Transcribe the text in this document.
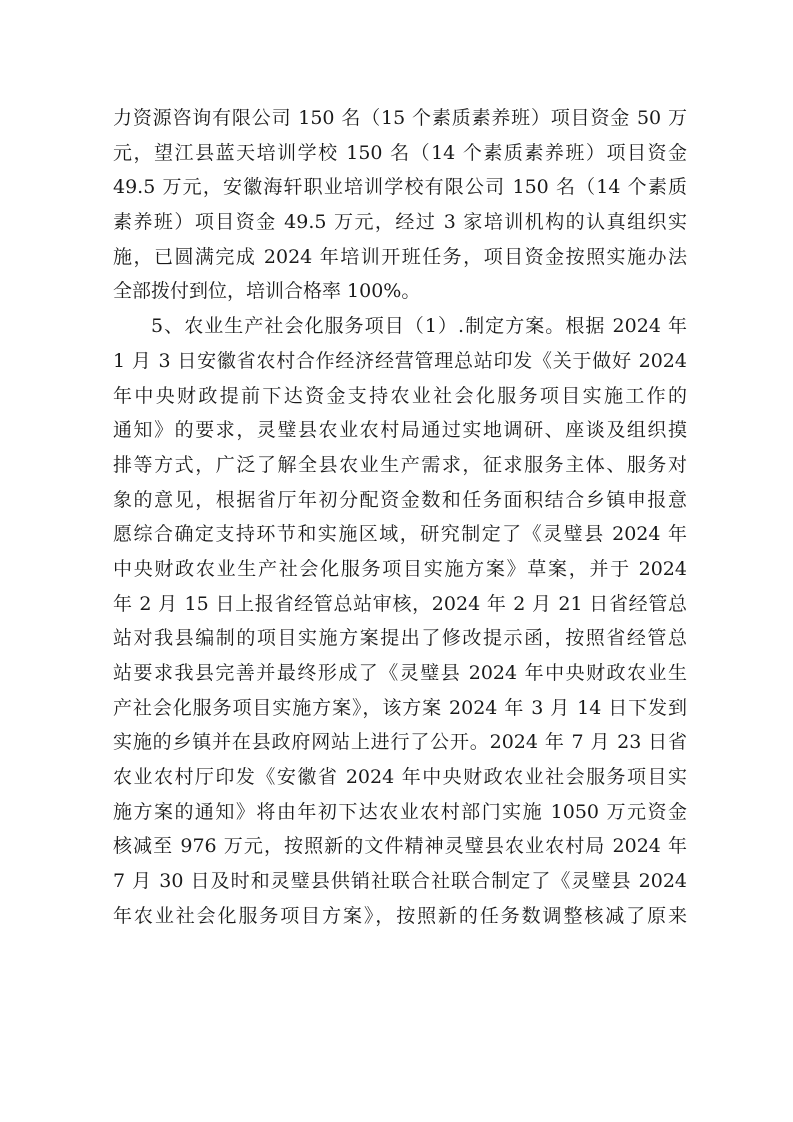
力资源咨询有限公司 150 名（15 个素质素养班）项目资金 50 万
元，望江县蓝天培训学校 150 名（14 个素质素养班）项目资金
49.5 万元，安徽海轩职业培训学校有限公司 150 名（14 个素质
素养班）项目资金 49.5 万元，经过 3 家培训机构的认真组织实
施，已圆满完成 2024 年培训开班任务，项目资金按照实施办法
全部拨付到位，培训合格率 100%。
5、农业生产社会化服务项目（1）.制定方案。根据 2024 年
1 月 3 日安徽省农村合作经济经营管理总站印发《关于做好 2024
年中央财政提前下达资金支持农业社会化服务项目实施工作的
通知》的要求，灵璧县农业农村局通过实地调研、座谈及组织摸
排等方式，广泛了解全县农业生产需求，征求服务主体、服务对
象的意见，根据省厅年初分配资金数和任务面积结合乡镇申报意
愿综合确定支持环节和实施区域，研究制定了《灵璧县 2024 年
中央财政农业生产社会化服务项目实施方案》草案，并于 2024
年 2 月 15 日上报省经管总站审核，2024 年 2 月 21 日省经管总
站对我县编制的项目实施方案提出了修改提示函，按照省经管总
站要求我县完善并最终形成了《灵璧县 2024 年中央财政农业生
产社会化服务项目实施方案》，该方案 2024 年 3 月 14 日下发到
实施的乡镇并在县政府网站上进行了公开。2024 年 7 月 23 日省
农业农村厅印发《安徽省 2024 年中央财政农业社会服务项目实
施方案的通知》将由年初下达农业农村部门实施 1050 万元资金
核减至 976 万元，按照新的文件精神灵璧县农业农村局 2024 年
7 月 30 日及时和灵璧县供销社联合社联合制定了《灵璧县 2024
年农业社会化服务项目方案》，按照新的任务数调整核减了原来
